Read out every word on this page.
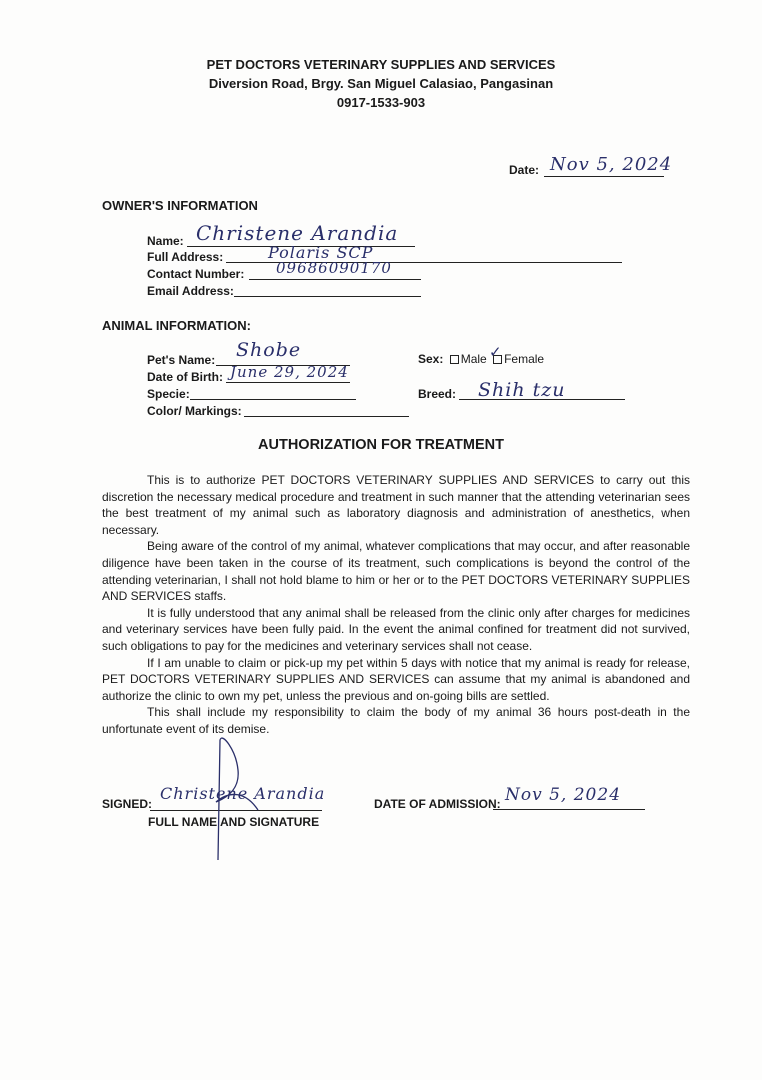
PET DOCTORS VETERINARY SUPPLIES AND SERVICES
Diversion Road, Brgy. San Miguel Calasiao, Pangasinan
0917-1533-903
Date: Nov 5, 2024
OWNER'S INFORMATION
Name: Christene Arandia
Full Address:	Polaris SCP
Contact Number: 09686090170
Email Address:
ANIMAL INFORMATION:
Pet's Name: Shobe
Date of Birth: June 29, 2024
Specie:
Color/ Markings:
Sex: Male Female
✓
Breed: Shih tzu
AUTHORIZATION FOR TREATMENT

This is to authorize PET DOCTORS VETERINARY SUPPLIES AND SERVICES to carry out this discretion the necessary medical procedure and treatment in such manner that the attending veterinarian sees the best treatment of my animal such as laboratory diagnosis and administration of anesthetics, when necessary.

Being aware of the control of my animal, whatever complications that may occur, and after reasonable diligence have been taken in the course of its treatment, such complications is beyond the control of the attending veterinarian, I shall not hold blame to him or her or to the PET DOCTORS VETERINARY SUPPLIES AND SERVICES staffs.

It is fully understood that any animal shall be released from the clinic only after charges for medicines and veterinary services have been fully paid. In the event the animal confined for treatment did not survived, such obligations to pay for the medicines and veterinary services shall not cease.

If I am unable to claim or pick-up my pet within 5 days with notice that my animal is ready for release, PET DOCTORS VETERINARY SUPPLIES AND SERVICES can assume that my animal is abandoned and authorize the clinic to own my pet, unless the previous and on-going bills are settled.

This shall include my responsibility to claim the body of my animal 36 hours post-death in the unfortunate event of its demise.

SIGNED:
Christene Arandia
FULL NAME AND SIGNATURE
DATE OF ADMISSION: Nov 5, 2024
